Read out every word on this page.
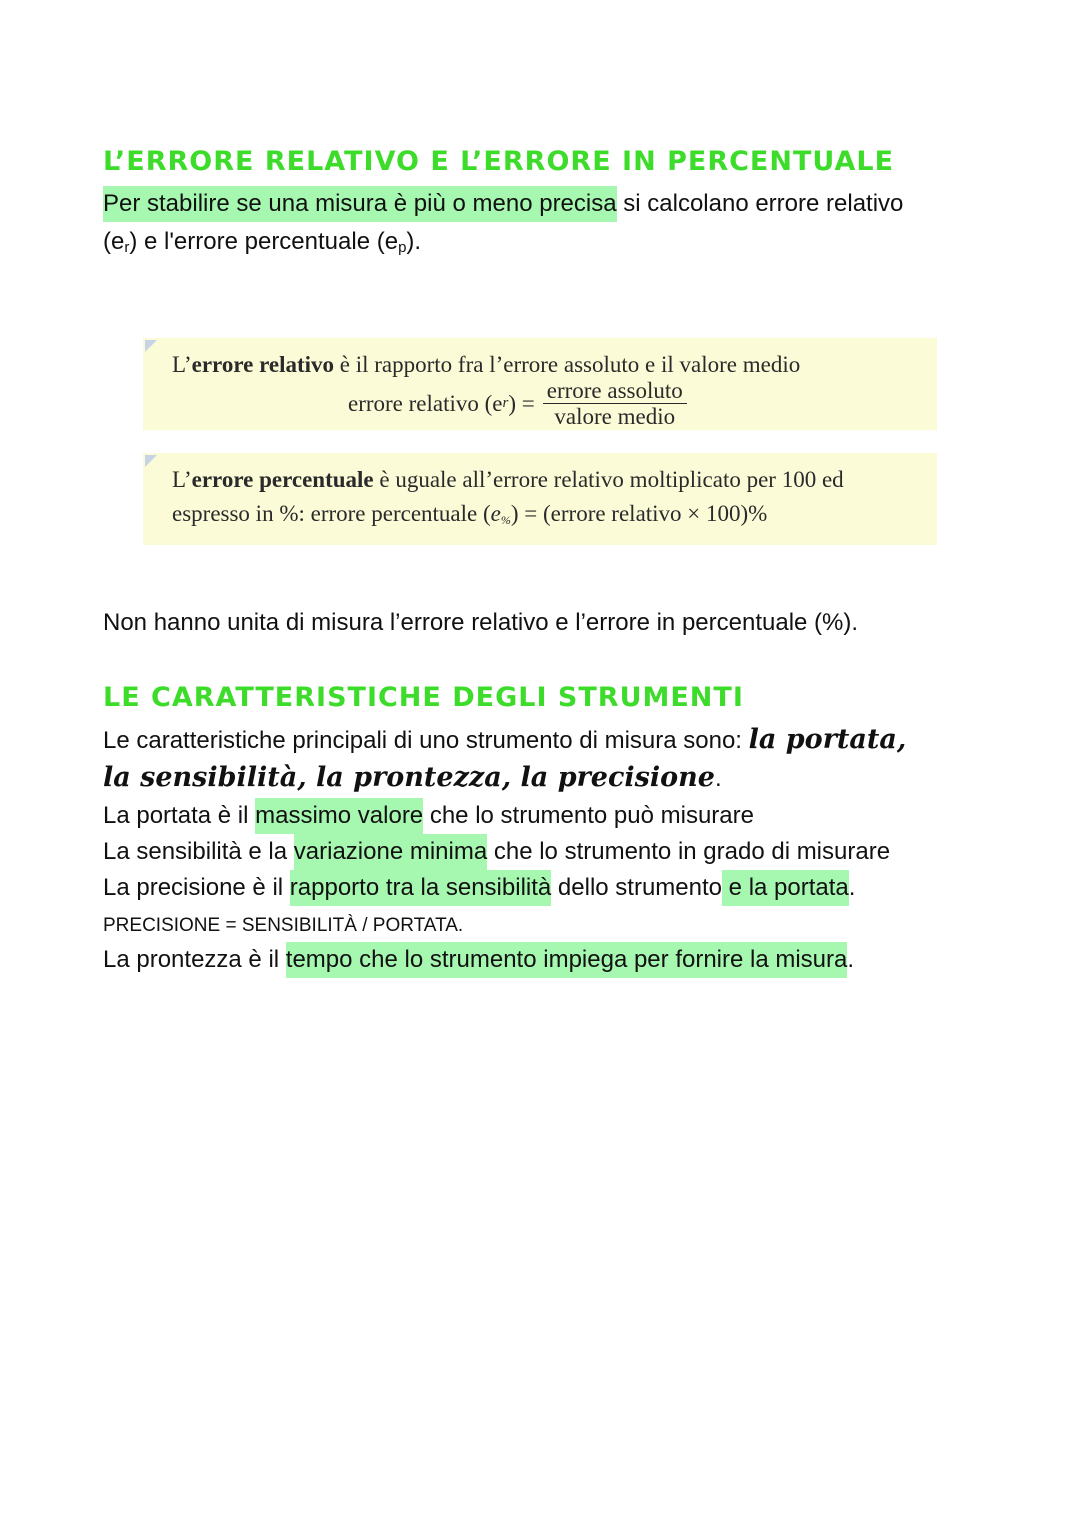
L’ERRORE RELATIVO E L’ERRORE IN PERCENTUALE

Per stabilire se una misura è più o meno precisa si calcolano errore relativo

$(e_r)$ e l'errore percentuale $(e_p)$.

L’errore relativo è il rapporto fra l’errore assoluto e il valore medio
errore relativo (e r ) = $\frac{\text{errore assoluto}}{\text{valore medio}}$
L’errore percentuale è uguale all’errore relativo moltiplicato per 100 ed
espresso in %: errore percentuale $(e_{\%})$ = (errore relativo × 100)%

Non hanno unita di misura l’errore relativo e l’errore in percentuale (%).

LE CARATTERISTICHE DEGLI STRUMENTI

Le caratteristiche principali di uno strumento di misura sono: la portata,

la sensibilità, la prontezza, la precisione.

La portata è il massimo valore che lo strumento può misurare

La sensibilità e la variazione minima che lo strumento in grado di misurare

La precisione è il rapporto tra la sensibilità dello strumento e la portata.

PRECISIONE = SENSIBILITÀ / PORTATA.

La prontezza è il tempo che lo strumento impiega per fornire la misura.
